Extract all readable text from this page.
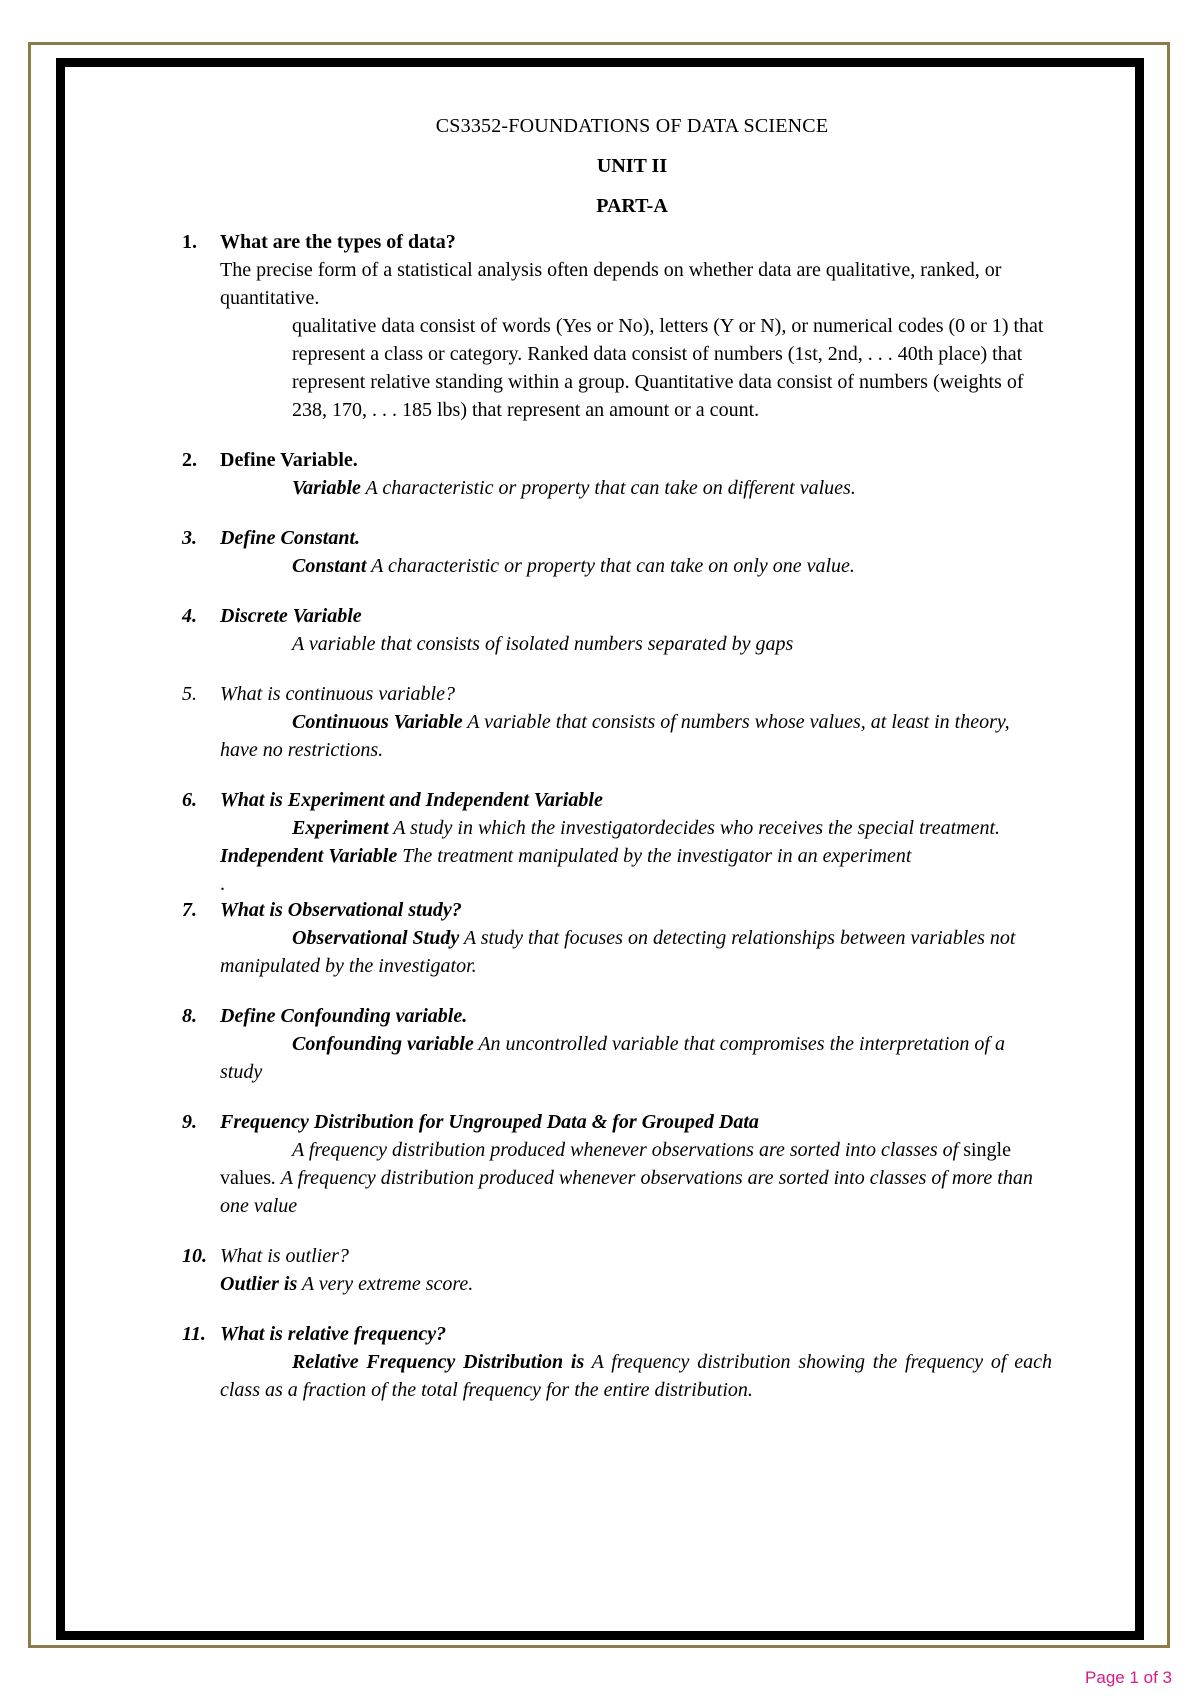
CS3352-FOUNDATIONS OF DATA SCIENCE

UNIT II

PART-A

1. What are the types of data?

The precise form of a statistical analysis often depends on whether data are qualitative, ranked, or quantitative.

qualitative data consist of words (Yes or No), letters (Y or N), or numerical codes (0 or 1) that represent a class or category. Ranked data consist of numbers (1st, 2nd, . . . 40th place) that represent relative standing within a group. Quantitative data consist of numbers (weights of 238, 170, . . . 185 lbs) that represent an amount or a count.

2. Define Variable.

Variable A characteristic or property that can take on different values.

3. Define Constant.

Constant A characteristic or property that can take on only one value.

4. Discrete Variable

A variable that consists of isolated numbers separated by gaps

5. What is continuous variable?

Continuous Variable A variable that consists of numbers whose values, at least in theory, have no restrictions.

6. What is Experiment and Independent Variable

Experiment A study in which the investigatordecides who receives the special treatment. Independent Variable The treatment manipulated by the investigator in an experiment

.

7. What is Observational study?

Observational Study A study that focuses on detecting relationships between variables not manipulated by the investigator.

8. Define Confounding variable.

Confounding variable An uncontrolled variable that compromises the interpretation of a study

9. Frequency Distribution for Ungrouped Data & for Grouped Data

A frequency distribution produced whenever observations are sorted into classes of single values. A frequency distribution produced whenever observations are sorted into classes of more than one value

10. What is outlier?

Outlier is A very extreme score.

11. What is relative frequency?

Relative Frequency Distribution is A frequency distribution showing the frequency of each class as a fraction of the total frequency for the entire distribution.

Page 1 of 3
